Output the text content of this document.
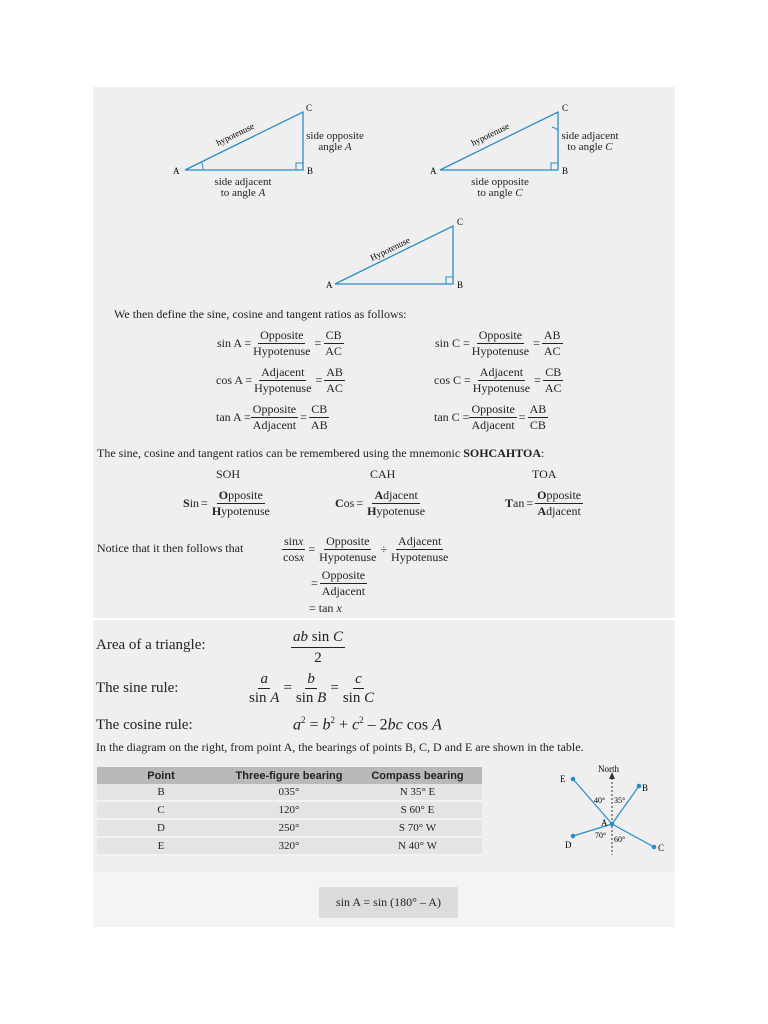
A	B
C
hypotenuse	side opposite
angle A
side adjacent
to angle A
A	B
C
hypotenuse	side adjacent
to angle C
side opposite
to angle C
A	B
C
Hypotenuse
We then define the sine, cosine and tangent ratios as follows:
$\sin A = \frac{\text{Opposite}}{\text{Hypotenuse}} = \frac{CB}{AC}$
$\cos A = \frac{\text{Adjacent}}{\text{Hypotenuse}} = \frac{AB}{AC}$
$\tan A = \frac{\text{Opposite}}{\text{Adjacent}} = \frac{CB}{AB}$
$\sin C = \frac{\text{Opposite}}{\text{Hypotenuse}} = \frac{AB}{AC}$
$\cos C = \frac{\text{Adjacent}}{\text{Hypotenuse}} = \frac{CB}{AC}$
$\tan C = \frac{\text{Opposite}}{\text{Adjacent}} = \frac{AB}{CB}$
The sine, cosine and tangent ratios can be remembered using the mnemonic SOHCAHTOA:
SOH	CAH	TOA
Sin = $\frac{\text{Opposite}}{\text{Hypotenuse}}$	Cos = $\frac{\text{Adjacent}}{\text{Hypotenuse}}$	Tan = $\frac{\text{Opposite}}{\text{Adjacent}}$
Notice that it then follows that	$\frac{\sin x}{\cos x} = \frac{\text{Opposite}}{\text{Hypotenuse}} \div \frac{\text{Adjacent}}{\text{Hypotenuse}}$
= $\frac{\text{Opposite}}{\text{Adjacent}}$
= tan x
Area of a triangle:	$\frac{\text{ab sin C}}{2}$
The sine rule:	$\frac{a}{\text{sin A}} = \frac{b}{\text{sin B}} = \frac{c}{\text{sin C}}$
The cosine rule:	$a^2 = b^2 + c^2 - 2bc$ cos A
In the diagram on the right, from point A, the bearings of points B, C, D and E are shown in the table.
Point	Three-figure bearing	Compass bearing
B	035°	N 35° E
C	120°	S 60° E
D	250°	S 70° W
E	320°	N 40° W
North
E
B
C
D
A
40° 35°
70° 60°
sin A = sin (180° – A)
